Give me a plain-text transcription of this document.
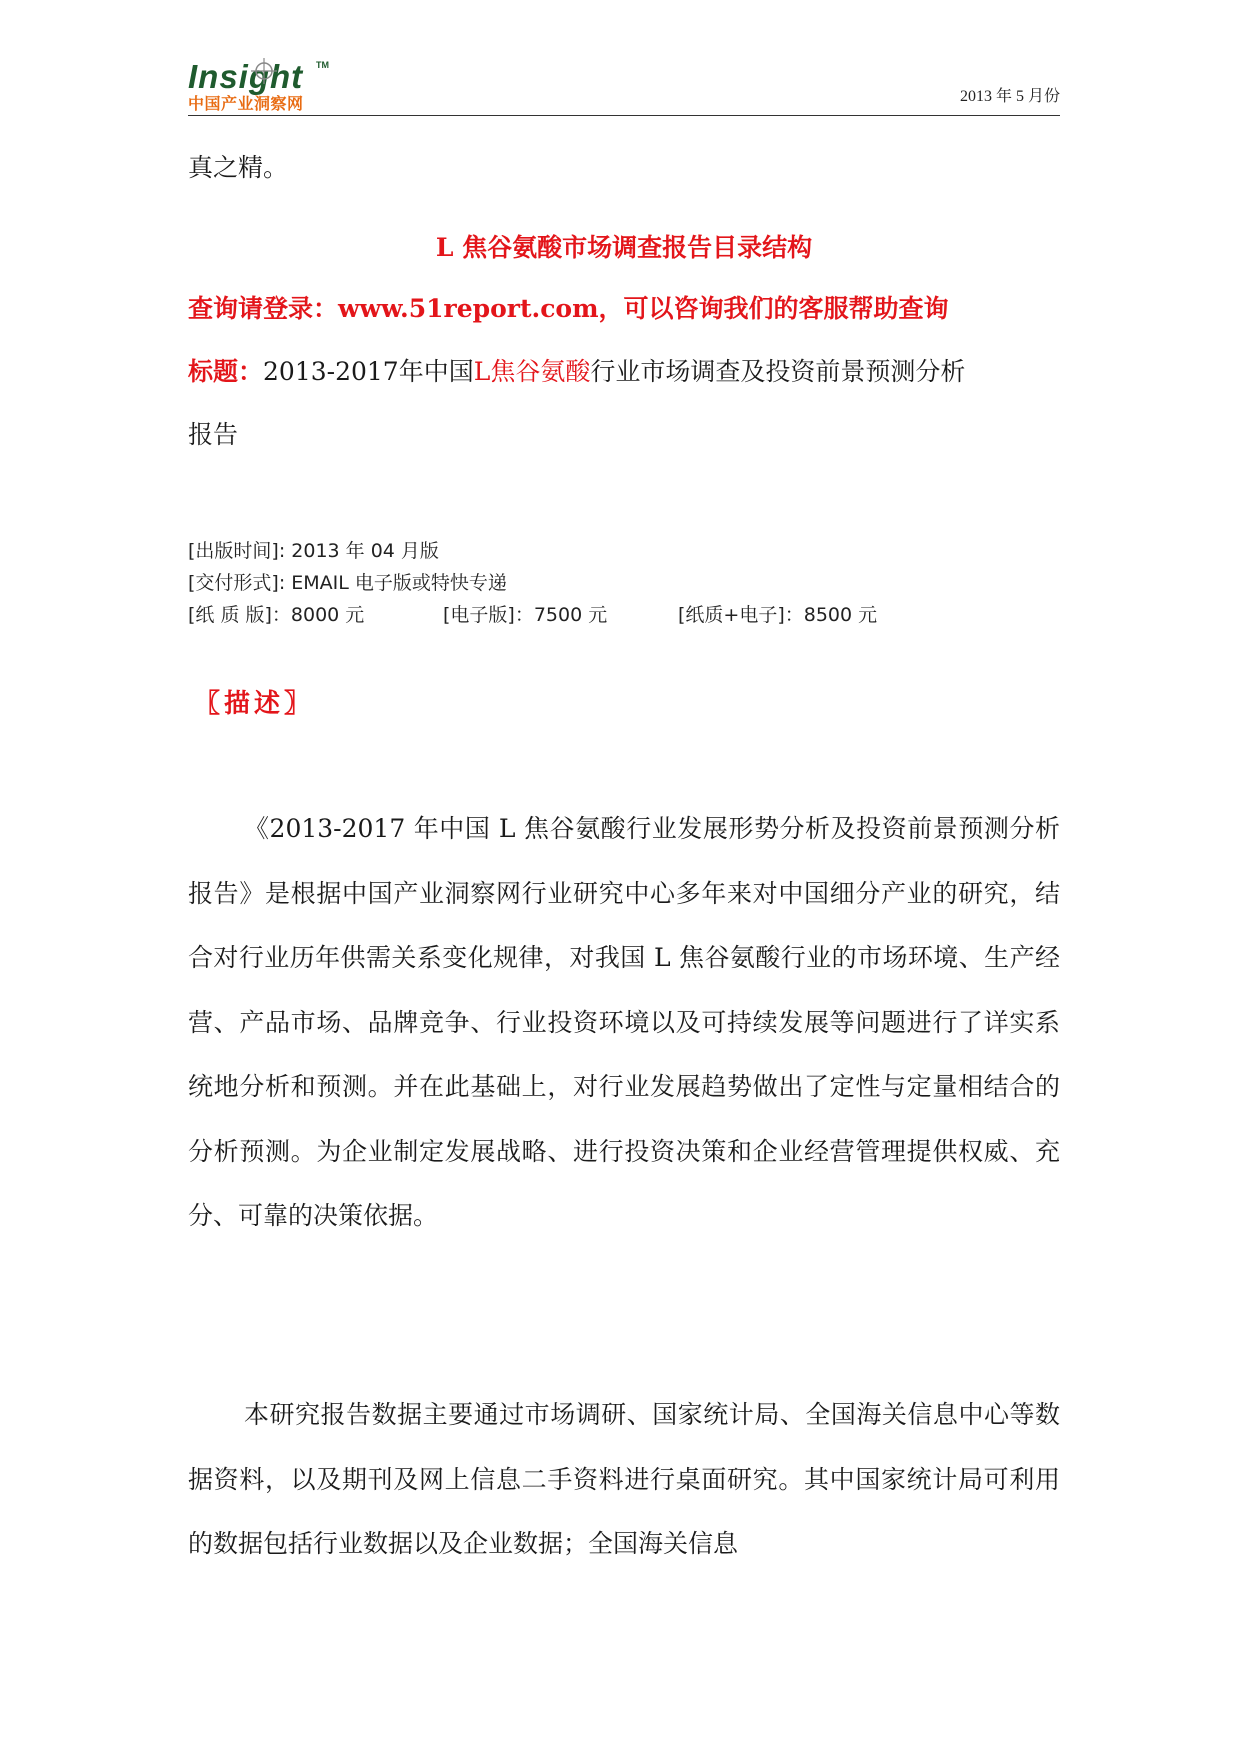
Insight TM
中国产业洞察网	2013 年 5 月份
真之精。
L 焦谷氨酸市场调查报告目录结构
查询请登录：www.51report.com，可以咨询我们的客服帮助查询
标题：2013-2017年中国L焦谷氨酸行业市场调查及投资前景预测分析
报告
[出版时间]: 2013 年 04 月版
[交付形式]: EMAIL 电子版或特快专递
[纸 质 版]：8000 元	[电子版]：7500 元	[纸质+电子]：8500 元
〖描述〗
《2013-2017 年中国 L 焦谷氨酸行业发展形势分析及投资前景预测分析报告》是根据中国产业洞察网行业研究中心多年来对中国细分产业的研究，结合对行业历年供需关系变化规律，对我国 L 焦谷氨酸行业的市场环境、生产经营、产品市场、品牌竞争、行业投资环境以及可持续发展等问题进行了详实系统地分析和预测。并在此基础上，对行业发展趋势做出了定性与定量相结合的分析预测。为企业制定发展战略、进行投资决策和企业经营管理提供权威、充分、可靠的决策依据。
本研究报告数据主要通过市场调研、国家统计局、全国海关信息中心等数据资料，以及期刊及网上信息二手资料进行桌面研究。其中国家统计局可利用的数据包括行业数据以及企业数据；全国海关信息
